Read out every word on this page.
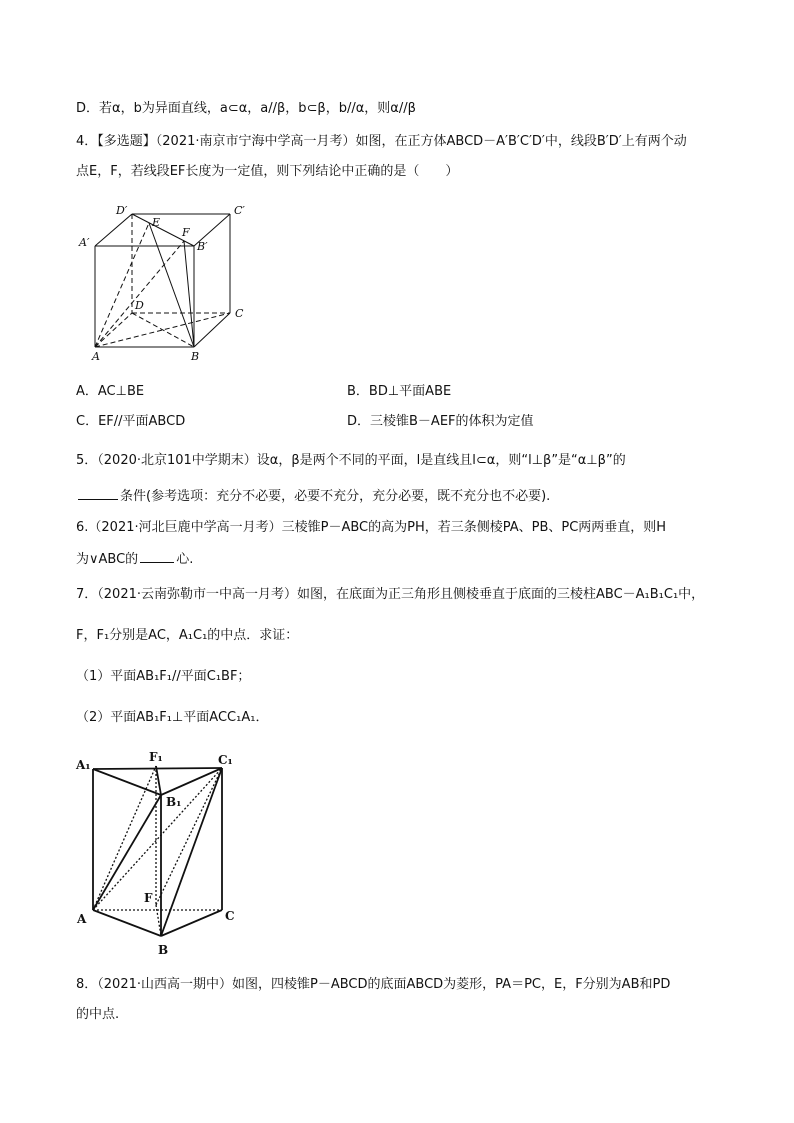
D．若α，b为异面直线，a⊂α，a//β，b⊂β，b//α，则α//β
4．【多选题】（2021·南京市宁海中学高一月考）如图，在正方体ABCD－A′B′C′D′中，线段B′D′上有两个动
点E，F，若线段EF长度为一定值，则下列结论中正确的是（　　）
D′
E
F
C′
A′	B′
D
C
A	B
A．AC⊥BE	B．BD⊥平面ABE
C．EF//平面ABCD	D．三棱锥B－AEF的体积为定值
5．（2020·北京101中学期末）设α，β是两个不同的平面，l是直线且l⊂α，则“l⊥β”是“α⊥β”的
条件(参考选项：充分不必要，必要不充分，充分必要，既不充分也不必要).
6.（2021·河北巨鹿中学高一月考）三棱锥P－ABC的高为PH，若三条侧棱PA、PB、PC两两垂直，则H
为∨ABC的	心.
7．（2021·云南弥勒市一中高一月考）如图，在底面为正三角形且侧棱垂直于底面的三棱柱ABC－A₁B₁C₁中，
F，F₁分别是AC，A₁C₁的中点．求证：
（1）平面AB₁F₁//平面C₁BF；
（2）平面AB₁F₁⊥平面ACC₁A₁．
A₁
F₁	C₁
B₁
F
A	C
B
8．（2021·山西高一期中）如图，四棱锥P－ABCD的底面ABCD为菱形，PA＝PC，E，F分别为AB和PD
的中点.
